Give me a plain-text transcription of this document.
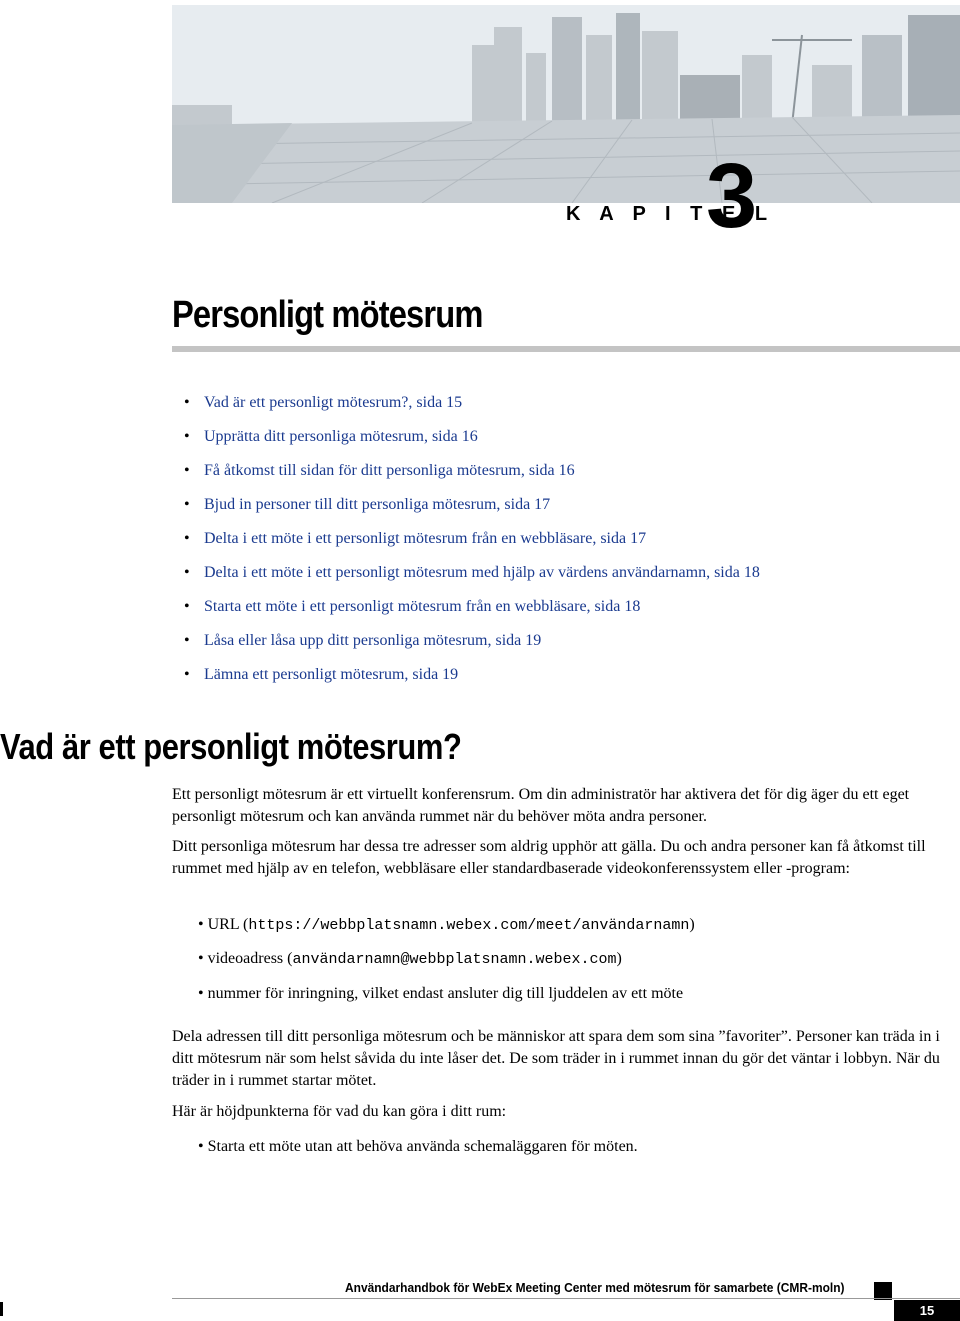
K A P I T E L
3
Personligt mötesrum
• Vad är ett personligt mötesrum?, sida 15
• Upprätta ditt personliga mötesrum, sida 16
• Få åtkomst till sidan för ditt personliga mötesrum, sida 16
• Bjud in personer till ditt personliga mötesrum, sida 17
• Delta i ett möte i ett personligt mötesrum från en webbläsare, sida 17
• Delta i ett möte i ett personligt mötesrum med hjälp av värdens användarnamn, sida 18
• Starta ett möte i ett personligt mötesrum från en webbläsare, sida 18
• Låsa eller låsa upp ditt personliga mötesrum, sida 19
• Lämna ett personligt mötesrum, sida 19
Vad är ett personligt mötesrum?
Ett personligt mötesrum är ett virtuellt konferensrum. Om din administratör har aktivera det för dig äger du ett eget personligt mötesrum och kan använda rummet när du behöver möta andra personer.
Ditt personliga mötesrum har dessa tre adresser som aldrig upphör att gälla. Du och andra personer kan få åtkomst till rummet med hjälp av en telefon, webbläsare eller standardbaserade videokonferenssystem eller -program:
• URL (https://webbplatsnamn.webex.com/meet/användarnamn)
• videoadress (användarnamn@webbplatsnamn.webex.com)
• nummer för inringning, vilket endast ansluter dig till ljuddelen av ett möte
Dela adressen till ditt personliga mötesrum och be människor att spara dem som sina ”favoriter”. Personer kan träda in i ditt mötesrum när som helst såvida du inte låser det. De som träder in i rummet innan du gör det väntar i lobbyn. När du träder in i rummet startar mötet.
Här är höjdpunkterna för vad du kan göra i ditt rum:
• Starta ett möte utan att behöva använda schemaläggaren för möten.
Användarhandbok för WebEx Meeting Center med mötesrum för samarbete (CMR-moln)
15
